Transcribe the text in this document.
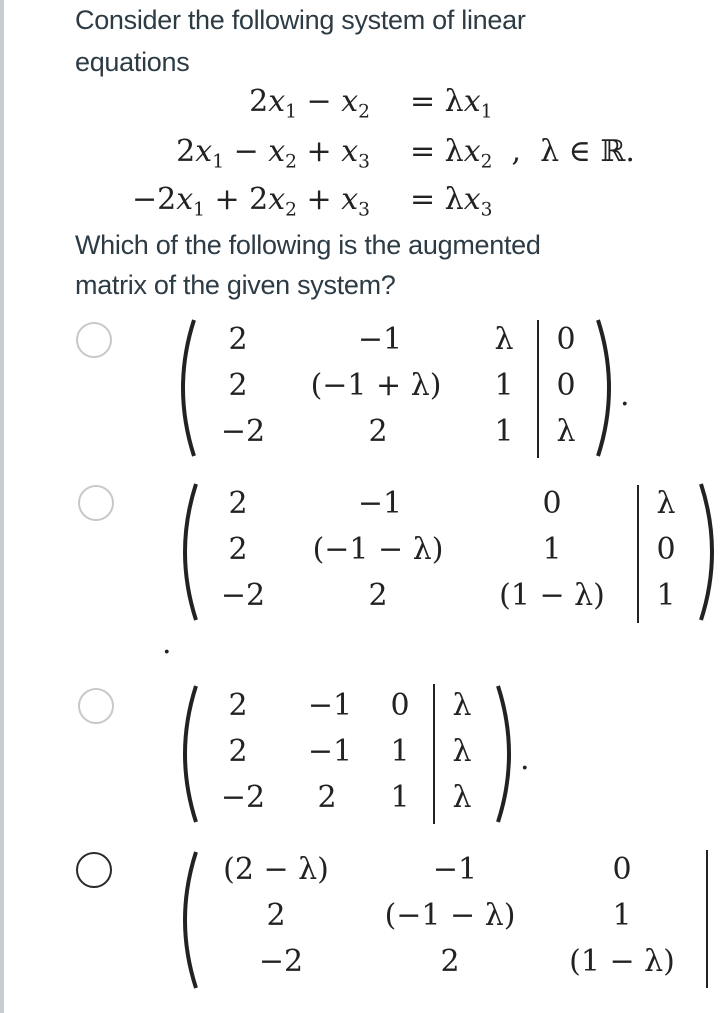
Consider the following system of linear
equations
$2x_1 - x_2 = \lambda x_1$
$2x_1 - x_2 + x_3 = \lambda x_2$  ,  λ ∈ ℝ.
$-2x_1 + 2x_2 + x_3 = \lambda x_3$
Which of the following is the augmented
matrix of the given system?
2	−1	λ 0
2 (−1 + λ) 1 0
−2	2	1 λ
.
2	−1	0	λ
2 (−1 − λ)	1	0
−2	2	(1 − λ) 1
.
2 −1 0 λ
2 −1 1 λ
−2 2 1 λ
.
(2 − λ)	−1	0
2	(−1 − λ)	1
−2	2	(1 − λ)
